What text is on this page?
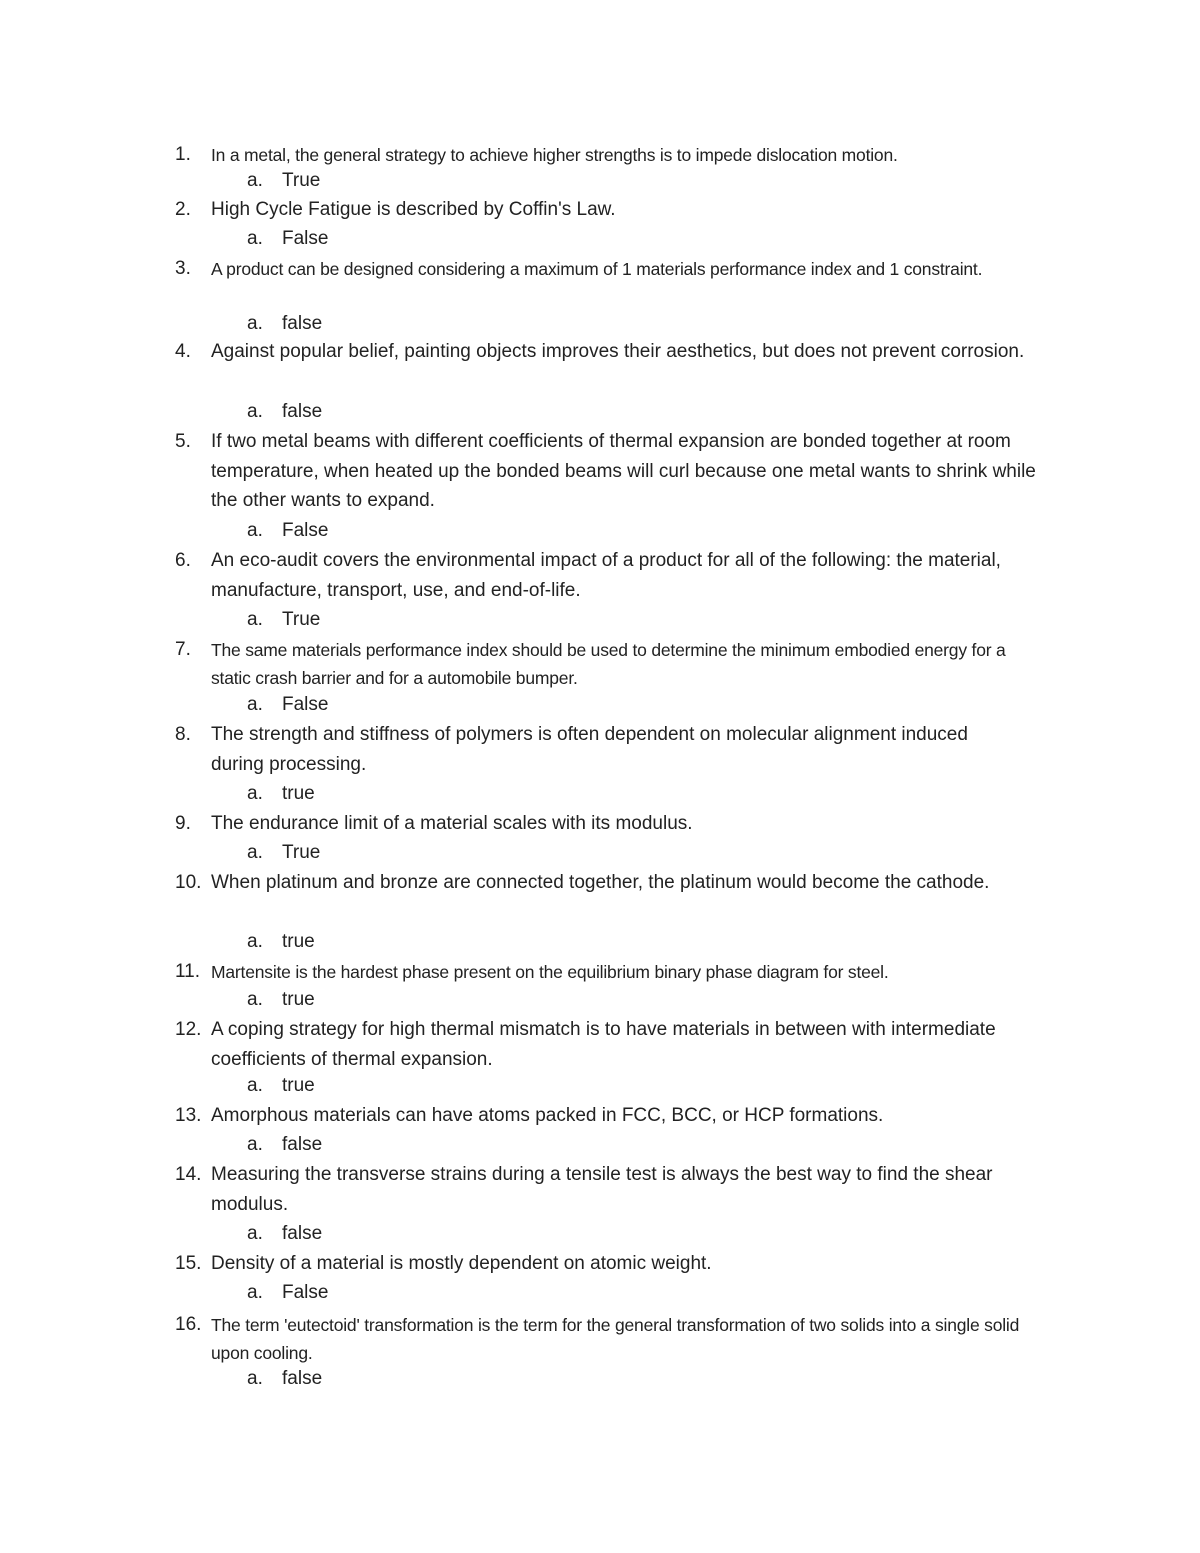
1. In a metal, the general strategy to achieve higher strengths is to impede dislocation motion.
a. True
2. High Cycle Fatigue is described by Coffin's Law.
a. False
3. A product can be designed considering a maximum of 1 materials performance index and 1 constraint.
a. false
4. Against popular belief, painting objects improves their aesthetics, but does not prevent corrosion.
a. false
5. If two metal beams with different coefficients of thermal expansion are bonded together at room temperature, when heated up the bonded beams will curl because one metal wants to shrink while the other wants to expand.
a. False
6. An eco-audit covers the environmental impact of a product for all of the following: the material, manufacture, transport, use, and end-of-life.
a. True
7. The same materials performance index should be used to determine the minimum embodied energy for a static crash barrier and for a automobile bumper.
a. False
8. The strength and stiffness of polymers is often dependent on molecular alignment induced during processing.
a. true
9. The endurance limit of a material scales with its modulus.
a. True
10. When platinum and bronze are connected together, the platinum would become the cathode.
a. true
11. Martensite is the hardest phase present on the equilibrium binary phase diagram for steel.
a. true
12. A coping strategy for high thermal mismatch is to have materials in between with intermediate coefficients of thermal expansion.
a. true
13. Amorphous materials can have atoms packed in FCC, BCC, or HCP formations.
a. false
14. Measuring the transverse strains during a tensile test is always the best way to find the shear modulus.
a. false
15. Density of a material is mostly dependent on atomic weight.
a. False
16. The term 'eutectoid' transformation is the term for the general transformation of two solids into a single solid upon cooling.
a. false
